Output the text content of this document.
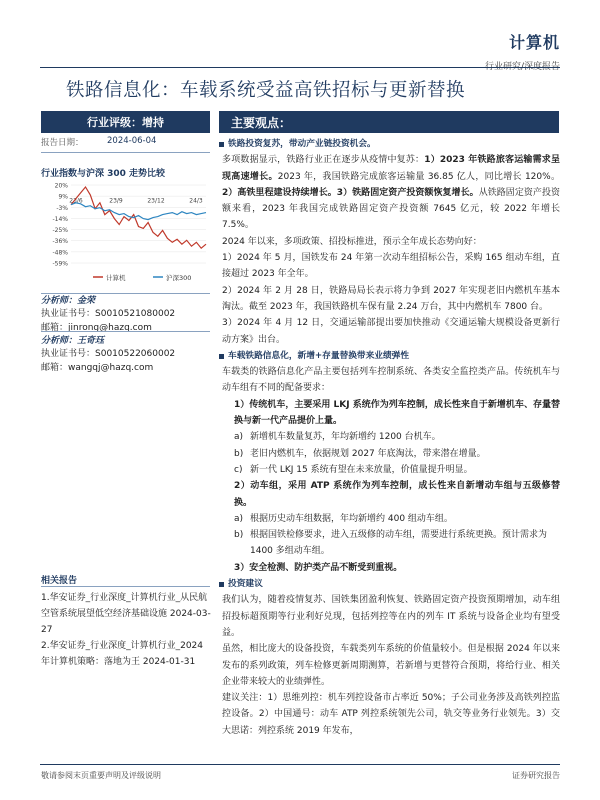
计算机
行业研究/深度报告
铁路信息化：车载系统受益高铁招标与更新替换
行业评级：增持
报告日期：	2024-06-04
行业指数与沪深 300 走势比较
20%
9%
-3%
-14%
-25%
-36%
-48%
-59%
23/6	23/9	23/12	24/3
计算机	沪深300
分析师：金荣
执业证书号：S0010521080002
邮箱：jinrong@hazq.com
分析师：王奇珏
执业证书号：S0010522060002
邮箱：wangqj@hazq.com
相关报告
1.华安证券_行业深度_计算机行业_从民航空管系统展望低空经济基础设施 2024-03-27
2.华安证券_行业深度_计算机行业_2024 年计算机策略：落地为王 2024-01-31
主要观点：
铁路投资复苏，带动产业链投资机会。

多项数据显示，铁路行业正在逐步从疫情中复苏：1）2023 年铁路旅客运输需求呈现高速增长。2023 年，我国铁路完成旅客运输量 36.85 亿人，同比增长 120%。2）高铁里程建设持续增长。3）铁路固定资产投资额恢复增长。从铁路固定资产投资额来看，2023 年我国完成铁路固定资产投资额 7645 亿元，较 2022 年增长 7.5%。

2024 年以来，多项政策、招投标推进，预示全年成长态势向好：

1）2024 年 5 月，国铁发布 24 年第一次动车组招标公告，采购 165 组动车组，直接超过 2023 年全年。

2）2024 年 2 月 28 日，铁路局局长表示将力争到 2027 年实现老旧内燃机车基本淘汰。截至 2023 年，我国铁路机车保有量 2.24 万台，其中内燃机车 7800 台。

3）2024 年 4 月 12 日，交通运输部提出要加快推动《交通运输大规模设备更新行动方案》出台。

车载铁路信息化，新增+存量替换带来业绩弹性

车载类的铁路信息化产品主要包括列车控制系统、各类安全监控类产品。传统机车与动车组有不同的配备要求：

1）传统机车，主要采用 LKJ 系统作为列车控制，成长性来自于新增机车、存量替换与新一代产品提价上量。

a) 新增机车数量复苏，年均新增约 1200 台机车。

b) 老旧内燃机车，依据规划 2027 年底淘汰，带来潜在增量。

c) 新一代 LKJ 15 系统有望在未来放量，价值量提升明显。

2）动车组，采用 ATP 系统作为列车控制，成长性来自新增动车组与五级修替换。

a) 根据历史动车组数据，年均新增约 400 组动车组。

b) 根据国铁检修要求，进入五级修的动车组，需要进行系统更换。预计需求为 1400 多组动车组。

3）安全检测、防护类产品不断受到重视。

投资建议

我们认为，随着疫情复苏、国铁集团盈利恢复、铁路固定资产投资预期增加，动车组招投标超预期等行业利好兑现，包括列控等在内的列车 IT 系统与设备企业均有望受益。

虽然，相比庞大的设备投资，车载类列车系统的价值量较小。但是根据 2024 年以来发布的系列政策，列车检修更新周期测算，若新增与更替符合预期，将给行业、相关企业带来较大的业绩弹性。

建议关注：1）思维列控：机车列控设备市占率近 50%；子公司业务涉及高铁列控监控设备。2）中国通号：动车 ATP 列控系统领先公司，轨交等业务行业领先。3）交大思诺：列控系统 2019 年发布，

敬请参阅末页重要声明及评级说明	证券研究报告
